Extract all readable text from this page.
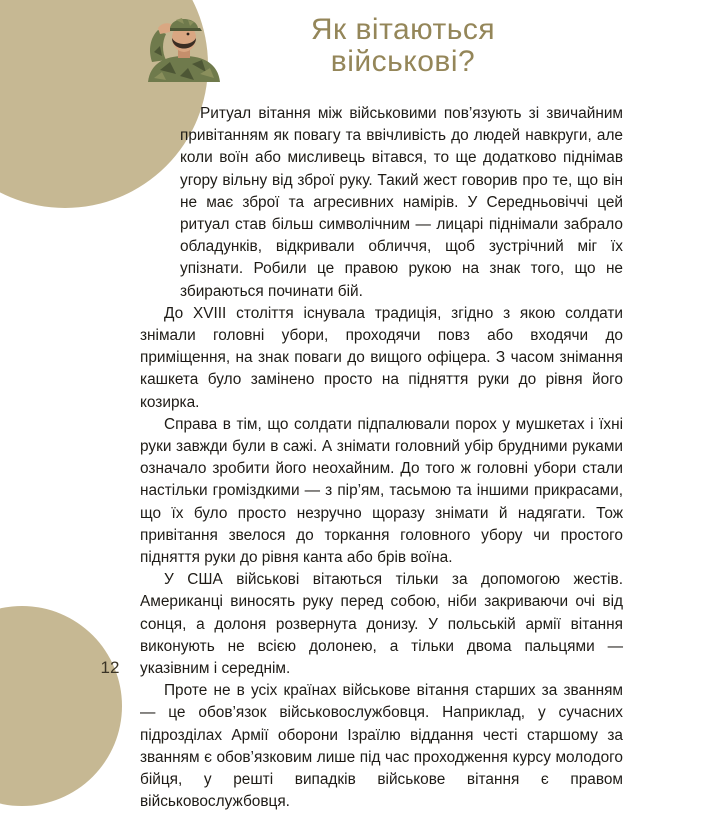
Як вітаються
військові?

Ритуал вітання між військовими пов’язують зі звичайним привітанням як повагу та ввічливість до людей навкруги, але коли воїн або мисливець вітався, то ще додатково піднімав угору вільну від зброї руку. Такий жест говорив про те, що він не має зброї та агресивних намірів. У Середньовіччі цей ритуал став більш символічним — лицарі піднімали забрало обладунків, відкривали обличчя, щоб зустрічний міг їх упізнати. Робили це правою рукою на знак того, що не збираються починати бій.

До XVIII століття існувала традиція, згідно з якою солдати знімали головні убори, проходячи повз або входячи до приміщення, на знак поваги до вищого офіцера. З часом знімання кашкета було замінено просто на підняття руки до рівня його козирка.

Справа в тім, що солдати підпалювали порох у мушкетах і їхні руки завжди були в сажі. А знімати головний убір брудними руками означало зробити його неохайним. До того ж головні убори стали настільки громіздкими — з пір’ям, тасьмою та іншими прикрасами, що їх було просто незручно щоразу знімати й надягати. Тож привітання звелося до торкання головного убору чи простого підняття руки до рівня канта або брів воїна.

У США військові вітаються тільки за допомогою жестів. Американці виносять руку перед собою, ніби закриваючи очі від сонця, а долоня розвернута донизу. У польській армії вітання виконують не всією долонею, а тільки двома пальцями — указівним і середнім.

Проте не в усіх країнах військове вітання старших за званням — це обов’язок військовослужбовця. Наприклад, у сучасних підрозділах Армії оборони Ізраїлю віддання честі старшому за званням є обов’язковим лише під час проходження курсу молодого бійця, у решті випадків військове вітання є правом військовослужбовця.

12
